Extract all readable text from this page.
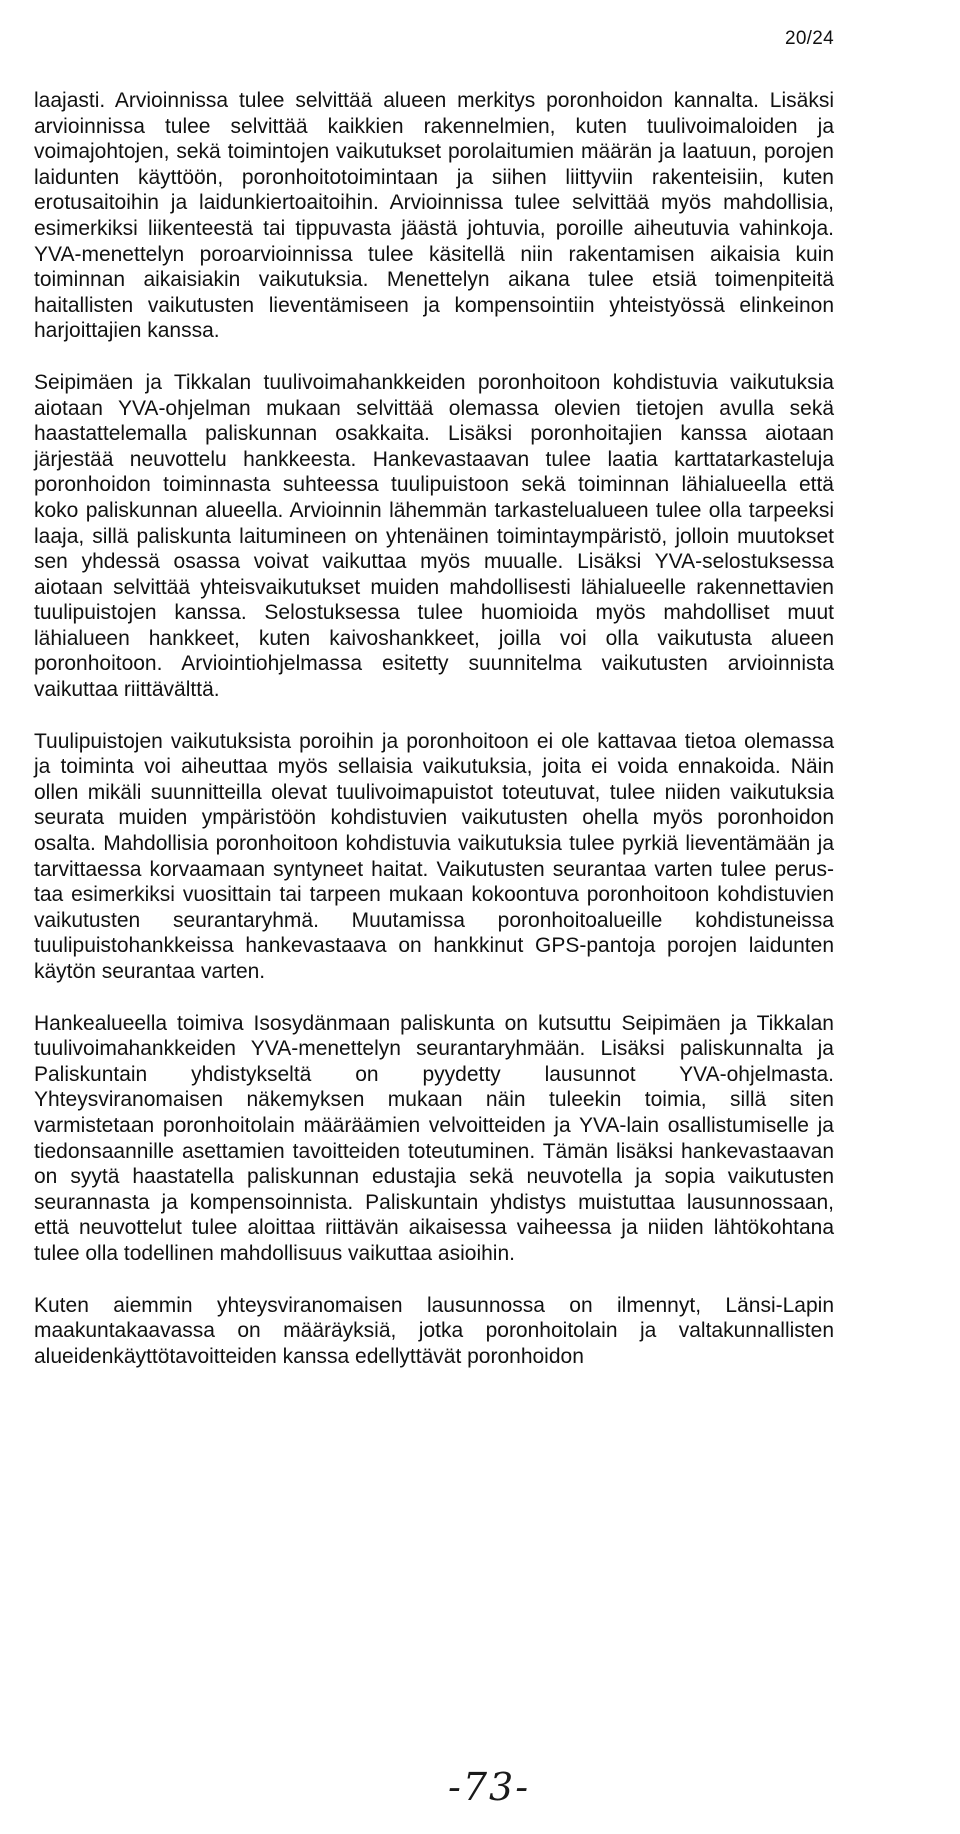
20/24

laajasti. Arvioinnissa tulee selvittää alueen merkitys poronhoidon kannalta. Lisäksi arvioinnissa tulee selvittää kaikkien rakennelmien, kuten tuulivoimaloiden ja voimajohtojen, sekä toimintojen vaikutukset porolaitumien määrän ja laatuun, porojen laidunten käyttöön, poronhoitotoimintaan ja siihen liittyviin rakenteisiin, kuten erotusaitoihin ja laidunkiertoaitoihin. Arvioinnissa tulee selvittää myös mahdollisia, esimerkiksi liikenteestä tai tippuvasta jäästä johtuvia, poroille aiheutuvia vahinkoja. YVA-menettelyn poroarvioinnissa tulee käsitellä niin rakentamisen aikaisia kuin toiminnan aikaisiakin vaikutuksia. Menettelyn aikana tulee etsiä toimenpiteitä haitallisten vaikutusten lieventämiseen ja kompensointiin yhteistyössä elinkeinon harjoittajien kanssa.

Seipimäen ja Tikkalan tuulivoimahankkeiden poronhoitoon kohdistuvia vaikutuksia aiotaan YVA-ohjelman mukaan selvittää olemassa olevien tietojen avulla sekä haastattelemalla paliskunnan osakkaita. Lisäksi poronhoitajien kanssa aiotaan järjestää neuvottelu hankkeesta. Hankevastaavan tulee laatia karttatarkasteluja poronhoidon toiminnasta suhteessa tuulipuistoon sekä toiminnan lähialueella että koko paliskunnan alueella. Arvioinnin lähemmän tarkastelualueen tulee olla tarpeeksi laaja, sillä paliskunta laitumineen on yhtenäinen toimintaympäristö, jolloin muutokset sen yhdessä osassa voivat vaikuttaa myös muualle. Lisäksi YVA-selostuksessa aiotaan selvittää yhteisvaikutukset muiden mahdollisesti lähialueelle rakennettavien tuulipuistojen kanssa. Selostuksessa tulee huomioida myös mahdolliset muut lähialueen hankkeet, kuten kaivoshankkeet, joilla voi olla vaikutusta alueen poronhoitoon. Arviointiohjelmassa esitetty suunnitelma vaikutusten arvioinnista vaikuttaa riittävälttä.

Tuulipuistojen vaikutuksista poroihin ja poronhoitoon ei ole kattavaa tietoa olemassa ja toiminta voi aiheuttaa myös sellaisia vaikutuksia, joita ei voida ennakoida. Näin ollen mikäli suunnitteilla olevat tuulivoimapuistot toteutuvat, tulee niiden vaikutuksia seurata muiden ympäristöön kohdistuvien vaikutusten ohella myös poronhoidon osalta. Mahdollisia poronhoitoon kohdistuvia vaikutuksia tulee pyrkiä lieventämään ja tarvittaessa korvaamaan syntyneet haitat. Vaikutusten seurantaa varten tulee perustaa esimerkiksi vuosittain tai tarpeen mukaan kokoontuva poronhoitoon kohdistuvien vaikutusten seurantaryhmä. Muutamissa poronhoitoalueille kohdistuneissa tuulipuistohankkeissa hankevastaava on hankkinut GPS-pantoja porojen laidunten käytön seurantaa varten.

Hankealueella toimiva Isosydänmaan paliskunta on kutsuttu Seipimäen ja Tikkalan tuulivoimahankkeiden YVA-menettelyn seurantaryhmään. Lisäksi paliskunnalta ja Paliskuntain yhdistykseltä on pyydetty lausunnot YVA-ohjelmasta. Yhteysviranomaisen näkemyksen mukaan näin tuleekin toimia, sillä siten varmistetaan poronhoitolain määräämien velvoitteiden ja YVA-lain osallistumiselle ja tiedonsaannille asettamien tavoitteiden toteutuminen. Tämän lisäksi hankevastaavan on syytä haastatella paliskunnan edustajia sekä neuvotella ja sopia vaikutusten seurannasta ja kompensoinnista. Paliskuntain yhdistys muistuttaa lausunnossaan, että neuvottelut tulee aloittaa riittävän aikaisessa vaiheessa ja niiden lähtökohtana tulee olla todellinen mahdollisuus vaikuttaa asioihin.

Kuten aiemmin yhteysviranomaisen lausunnossa on ilmennyt, Länsi-Lapin maakuntakaavassa on määräyksiä, jotka poronhoitolain ja valtakunnallisten alueidenkäyttötavoitteiden kanssa edellyttävät poronhoidon

-73-
